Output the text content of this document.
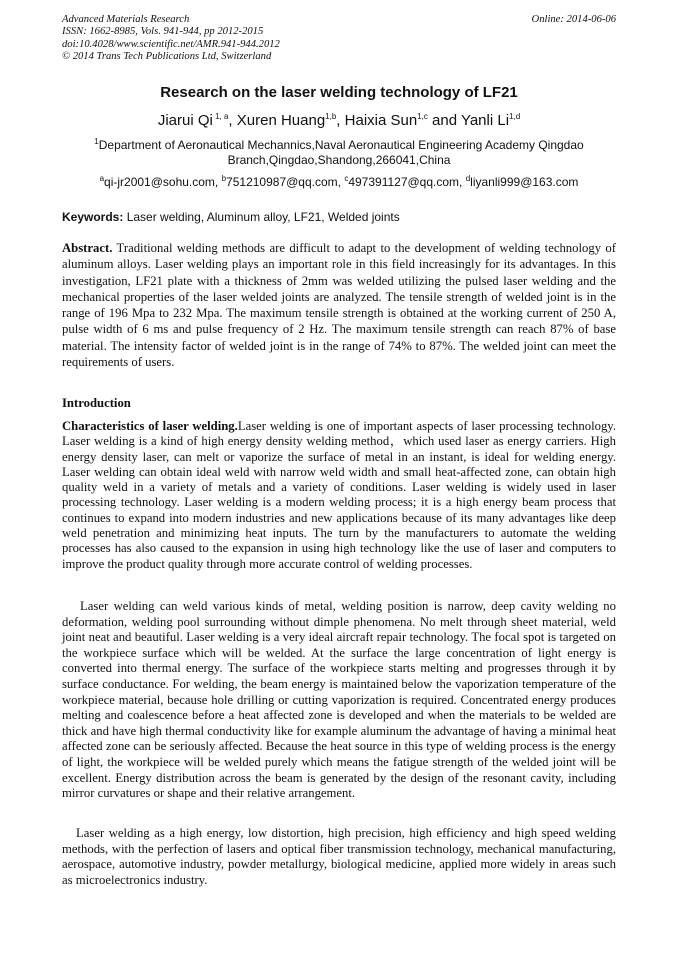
Advanced Materials Research
ISSN: 1662-8985, Vols. 941-944, pp 2012-2015
doi:10.4028/www.scientific.net/AMR.941-944.2012
© 2014 Trans Tech Publications Ltd, Switzerland
Online: 2014-06-06
Research on the laser welding technology of LF21
Jiarui Qi $^{1, a}$, Xuren Huang$^{1,b}$, Haixia Sun$^{1,c}$ and Yanli Li$^{1,d}$
$^1$Department of Aeronautical Mechannics,Naval Aeronautical Engineering Academy Qingdao Branch,Qingdao,Shandong,266041,China
$^a$qi-jr2001@sohu.com, $^b$751210987@qq.com, $^c$497391127@qq.com, $^d$liyanli999@163.com
Keywords: Laser welding, Aluminum alloy, LF21, Welded joints
Abstract. Traditional welding methods are difficult to adapt to the development of welding technology of aluminum alloys. Laser welding plays an important role in this field increasingly for its advantages. In this investigation, LF21 plate with a thickness of 2mm was welded utilizing the pulsed laser welding and the mechanical properties of the laser welded joints are analyzed. The tensile strength of welded joint is in the range of 196 Mpa to 232 Mpa. The maximum tensile strength is obtained at the working current of 250 A, pulse width of 6 ms and pulse frequency of 2 Hz. The maximum tensile strength can reach 87% of base material. The intensity factor of welded joint is in the range of 74% to 87%. The welded joint can meet the requirements of users.
Introduction
Characteristics of laser welding.Laser welding is one of important aspects of laser processing technology. Laser welding is a kind of high energy density welding method，which used laser as energy carriers. High energy density laser, can melt or vaporize the surface of metal in an instant, is ideal for welding energy. Laser welding can obtain ideal weld with narrow weld width and small heat-affected zone, can obtain high quality weld in a variety of metals and a variety of conditions. Laser welding is widely used in laser processing technology. Laser welding is a modern welding process; it is a high energy beam process that continues to expand into modern industries and new applications because of its many advantages like deep weld penetration and minimizing heat inputs. The turn by the manufacturers to automate the welding processes has also caused to the expansion in using high technology like the use of laser and computers to improve the product quality through more accurate control of welding processes.
Laser welding can weld various kinds of metal, welding position is narrow, deep cavity welding no deformation, welding pool surrounding without dimple phenomena. No melt through sheet material, weld joint neat and beautiful. Laser welding is a very ideal aircraft repair technology. The focal spot is targeted on the workpiece surface which will be welded. At the surface the large concentration of light energy is converted into thermal energy. The surface of the workpiece starts melting and progresses through it by surface conductance. For welding, the beam energy is maintained below the vaporization temperature of the workpiece material, because hole drilling or cutting vaporization is required. Concentrated energy produces melting and coalescence before a heat affected zone is developed and when the materials to be welded are thick and have high thermal conductivity like for example aluminum the advantage of having a minimal heat affected zone can be seriously affected. Because the heat source in this type of welding process is the energy of light, the workpiece will be welded purely which means the fatigue strength of the welded joint will be excellent. Energy distribution across the beam is generated by the design of the resonant cavity, including mirror curvatures or shape and their relative arrangement.
Laser welding as a high energy, low distortion, high precision, high efficiency and high speed welding methods, with the perfection of lasers and optical fiber transmission technology, mechanical manufacturing, aerospace, automotive industry, powder metallurgy, biological medicine, applied more widely in areas such as microelectronics industry.
